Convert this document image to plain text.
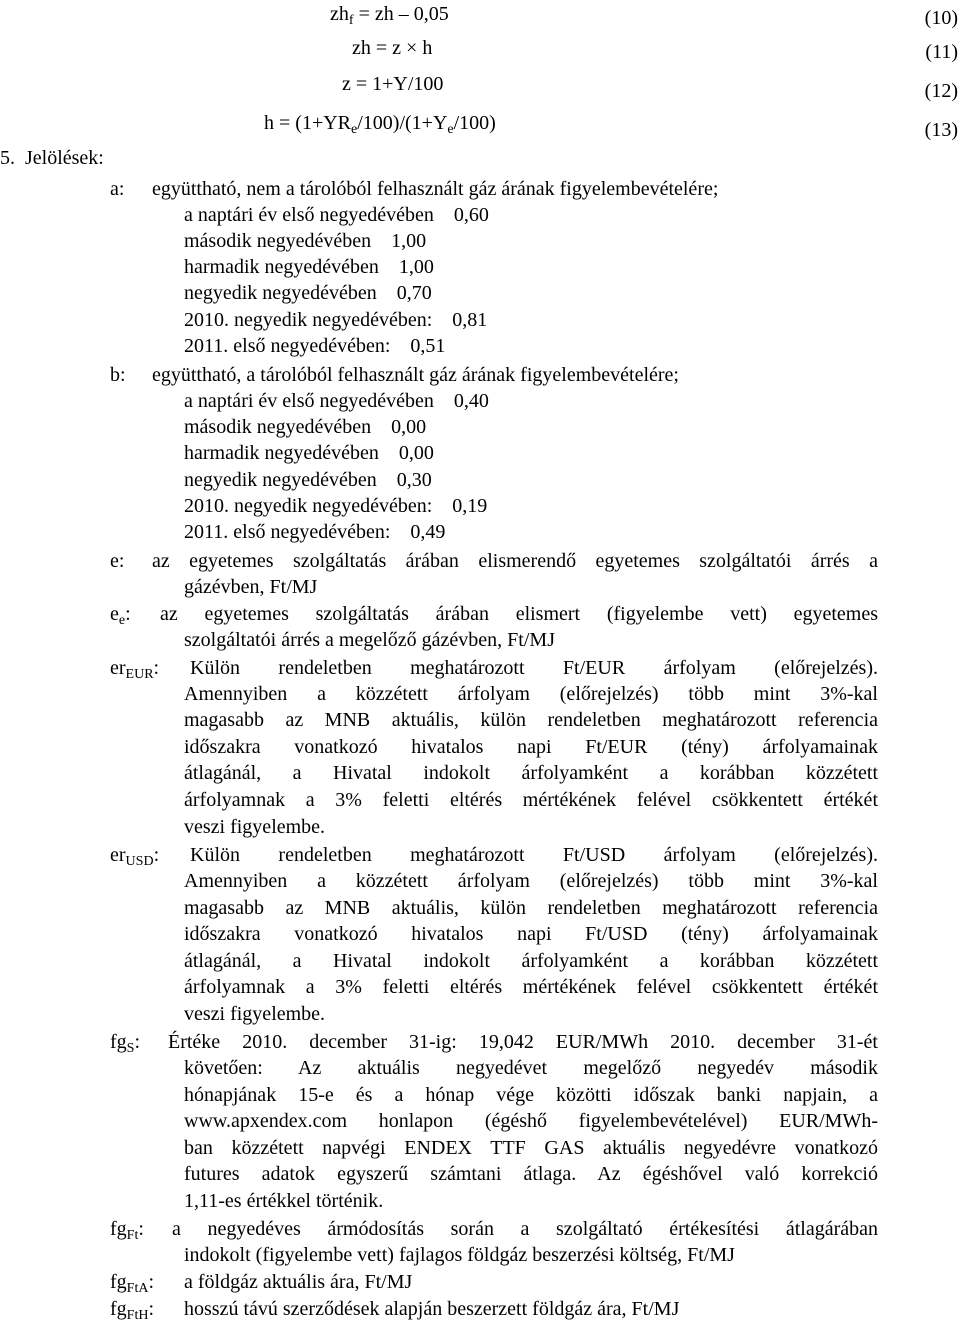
$zh_f$ = zh – 0,05	(10)
zh = z × h	(11)
z = 1+Y/100	(12)
$h = (1+YR_e/100)/(1+Y_e/100)$	(13)
5. Jelölések:
a: együttható, nem a tárolóból felhasznált gáz árának figyelembevételére;
a naptári év első negyedévében    0,60
második negyedévében    1,00
harmadik negyedévében    1,00
negyedik negyedévében    0,70
2010. negyedik negyedévében:    0,81
2011. első negyedévében:    0,51
b: együttható, a tárolóból felhasznált gáz árának figyelembevételére;
a naptári év első negyedévében    0,40
második negyedévében    0,00
harmadik negyedévében    0,00
negyedik negyedévében    0,30
2010. negyedik negyedévében:    0,19
2011. első negyedévében:    0,49
e: az egyetemes szolgáltatás árában elismerendő egyetemes szolgáltatói árrés a
gázévben, Ft/MJ
$e_e$: az egyetemes szolgáltatás árában elismert (figyelembe vett) egyetemes
szolgáltatói árrés a megelőző gázévben, Ft/MJ
$er_{EUR}$: Külön rendeletben meghatározott Ft/EUR árfolyam (előrejelzés).
Amennyiben a közzétett árfolyam (előrejelzés) több mint 3%-kal
magasabb az MNB aktuális, külön rendeletben meghatározott referencia
időszakra vonatkozó hivatalos napi Ft/EUR (tény) árfolyamainak
átlagánál, a Hivatal indokolt árfolyamként a korábban közzétett
árfolyamnak a 3% feletti eltérés mértékének felével csökkentett értékét
veszi figyelembe.
$er_{USD}$: Külön rendeletben meghatározott Ft/USD árfolyam (előrejelzés).
Amennyiben a közzétett árfolyam (előrejelzés) több mint 3%-kal
magasabb az MNB aktuális, külön rendeletben meghatározott referencia
időszakra vonatkozó hivatalos napi Ft/USD (tény) árfolyamainak
átlagánál, a Hivatal indokolt árfolyamként a korábban közzétett
árfolyamnak a 3% feletti eltérés mértékének felével csökkentett értékét
veszi figyelembe.
$fg_S$: Értéke 2010. december 31-ig: 19,042 EUR/MWh 2010. december 31-ét
követően: Az aktuális negyedévet megelőző negyedév második
hónapjának 15-e és a hónap vége közötti időszak banki napjain, a
www.apxendex.com honlapon (égéshő figyelembevételével) EUR/MWh-
ban közzétett napvégi ENDEX TTF GAS aktuális negyedévre vonatkozó
futures adatok egyszerű számtani átlaga. Az égéshővel való korrekció
1,11-es értékkel történik.
$fg_{Ft}$: a negyedéves ármódosítás során a szolgáltató értékesítési átlagárában
indokolt (figyelembe vett) fajlagos földgáz beszerzési költség, Ft/MJ
$fg_{FtA}$: a földgáz aktuális ára, Ft/MJ
$fg_{FtH}$: hosszú távú szerződések alapján beszerzett földgáz ára, Ft/MJ
